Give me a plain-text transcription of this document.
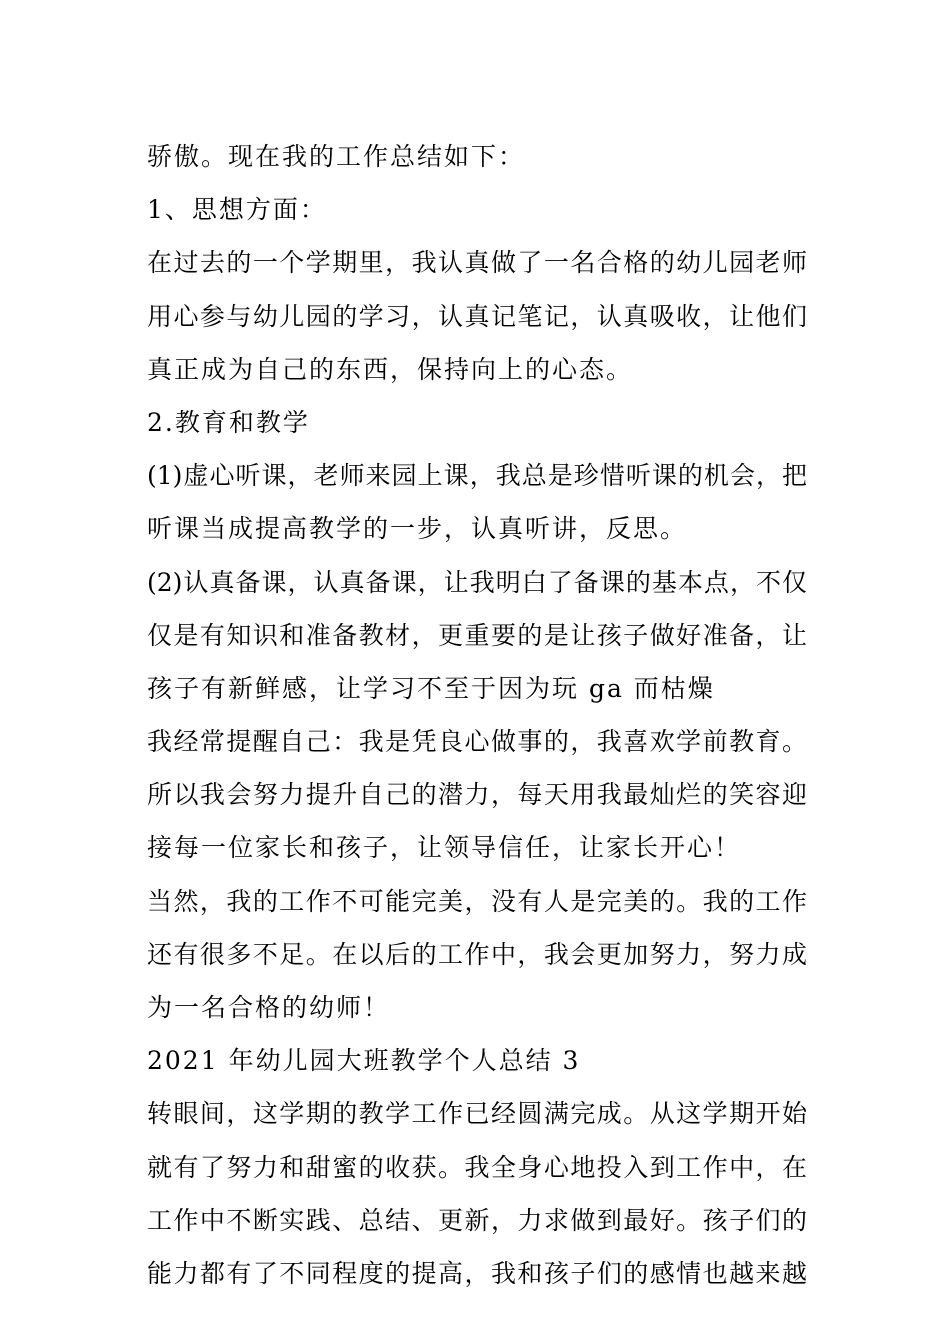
骄傲。现在我的工作总结如下：
1、思想方面：
在过去的一个学期里，我认真做了一名合格的幼儿园老师
用心参与幼儿园的学习，认真记笔记，认真吸收，让他们
真正成为自己的东西，保持向上的心态。
2.教育和教学
(1)虚心听课，老师来园上课，我总是珍惜听课的机会，把
听课当成提高教学的一步，认真听讲，反思。
(2)认真备课，认真备课，让我明白了备课的基本点，不仅
仅是有知识和准备教材，更重要的是让孩子做好准备，让
孩子有新鲜感，让学习不至于因为玩 ga 而枯燥
我经常提醒自己：我是凭良心做事的，我喜欢学前教育。
所以我会努力提升自己的潜力，每天用我最灿烂的笑容迎
接每一位家长和孩子，让领导信任，让家长开心！
当然，我的工作不可能完美，没有人是完美的。我的工作
还有很多不足。在以后的工作中，我会更加努力，努力成
为一名合格的幼师！
2021 年幼儿园大班教学个人总结 3
转眼间，这学期的教学工作已经圆满完成。从这学期开始
就有了努力和甜蜜的收获。我全身心地投入到工作中，在
工作中不断实践、总结、更新，力求做到最好。孩子们的
能力都有了不同程度的提高，我和孩子们的感情也越来越
